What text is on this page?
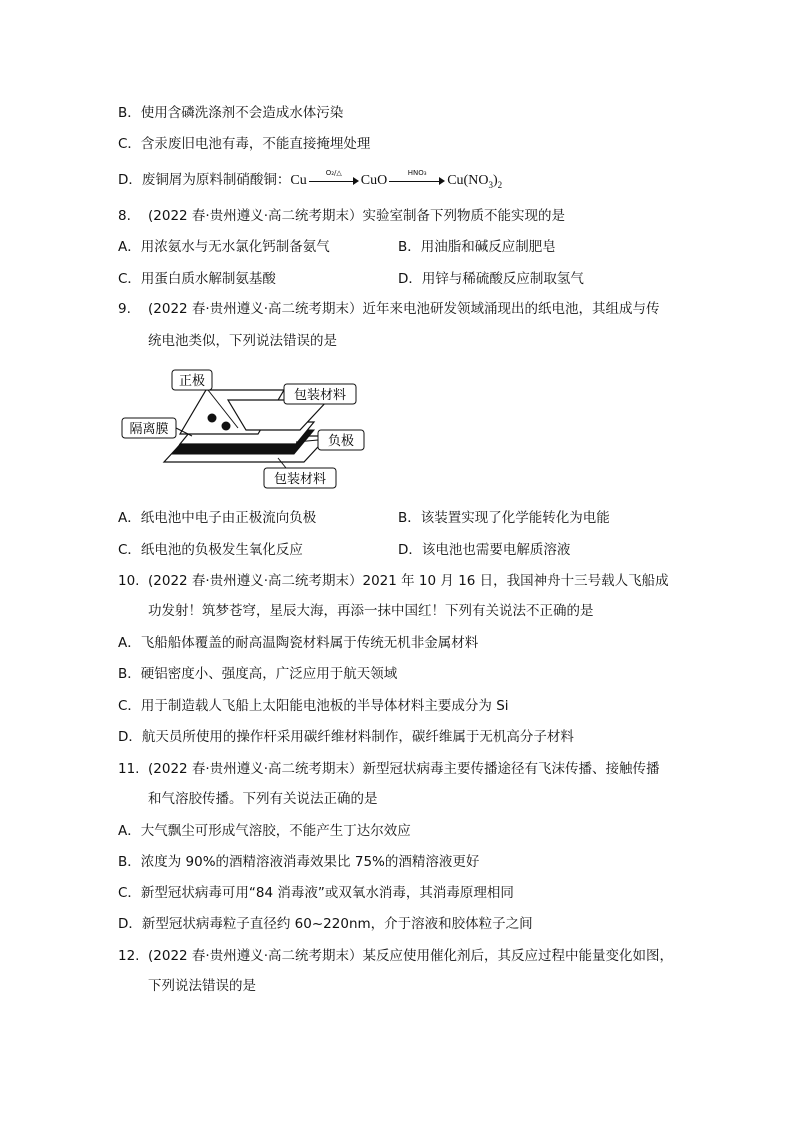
B．使用含磷洗涤剂不会造成水体污染
C．含汞废旧电池有毒，不能直接掩埋处理
D．废铜屑为原料制硝酸铜：Cu	O₂/△	CuO	HNO₃	$Cu(NO_3)_2$
8. (2022 春·贵州遵义·高二统考期末）实验室制备下列物质不能实现的是
A．用浓氨水与无水氯化钙制备氨气	B．用油脂和碱反应制肥皂
C．用蛋白质水解制氨基酸	D．用锌与稀硫酸反应制取氢气
9. (2022 春·贵州遵义·高二统考期末）近年来电池研发领域涌现出的纸电池，其组成与传
统电池类似，下列说法错误的是
正极
包装材料
隔离膜
负极
包装材料
A．纸电池中电子由正极流向负极	B．该装置实现了化学能转化为电能
C．纸电池的负极发生氧化反应	D．该电池也需要电解质溶液
10. (2022 春·贵州遵义·高二统考期末）2021 年 10 月 16 日，我国神舟十三号载人飞船成
功发射！筑梦苍穹，星辰大海，再添一抹中国红！下列有关说法不正确的是
A．飞船船体覆盖的耐高温陶瓷材料属于传统无机非金属材料
B．硬铝密度小、强度高，广泛应用于航天领域
C．用于制造载人飞船上太阳能电池板的半导体材料主要成分为 Si
D．航天员所使用的操作杆采用碳纤维材料制作，碳纤维属于无机高分子材料
11. (2022 春·贵州遵义·高二统考期末）新型冠状病毒主要传播途径有飞沫传播、接触传播
和气溶胶传播。下列有关说法正确的是
A．大气飘尘可形成气溶胶，不能产生丁达尔效应
B．浓度为 90%的酒精溶液消毒效果比 75%的酒精溶液更好
C．新型冠状病毒可用“84 消毒液”或双氧水消毒，其消毒原理相同
D．新型冠状病毒粒子直径约 60~220nm，介于溶液和胶体粒子之间
12. (2022 春·贵州遵义·高二统考期末）某反应使用催化剂后，其反应过程中能量变化如图，
下列说法错误的是
